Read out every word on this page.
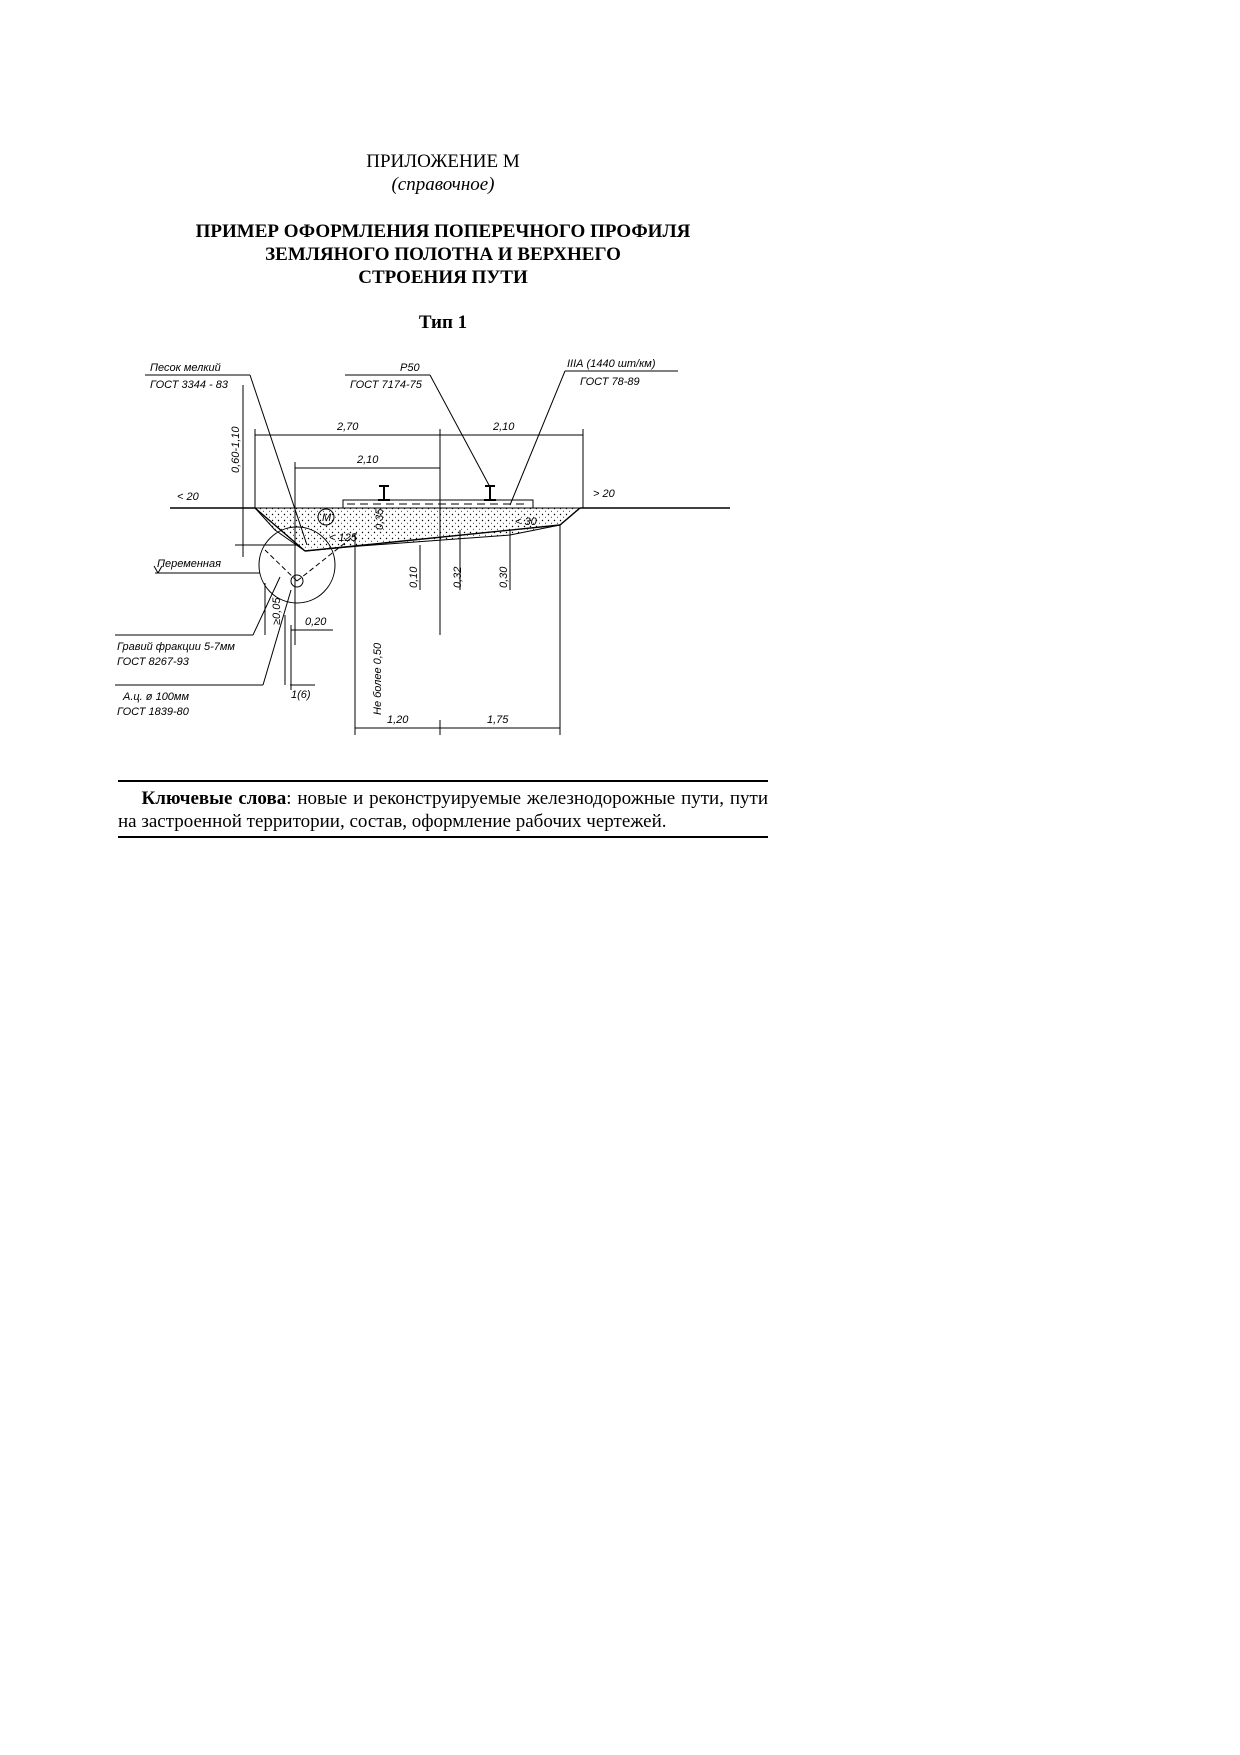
ПРИЛОЖЕНИЕ М
(справочное)
ПРИМЕР ОФОРМЛЕНИЯ ПОПЕРЕЧНОГО ПРОФИЛЯ
ЗЕМЛЯНОГО ПОЛОТНА И ВЕРХНЕГО
СТРОЕНИЯ ПУТИ
Тип 1
Песок мелкий
ГОСТ 3344 - 83
Р50
ГОСТ 7174-75
IIIА (1440 шт/км)
ГОСТ 78-89
2,70	2,10
2,10
0,60-1,10
< 20	> 20
< 30
< 125
М	0,35
0,10	0,32	0,30
≥0,05 0,20
Не более 0,50
1,20	1,75
Переменная
Гравий фракции 5-7мм
ГОСТ 8267-93
А.ц. ø 100мм
ГОСТ 1839-80
1(6)
Ключевые слова: новые и реконструируемые железнодорожные пути, пути на застроенной территории, состав, оформление рабочих чертежей.
